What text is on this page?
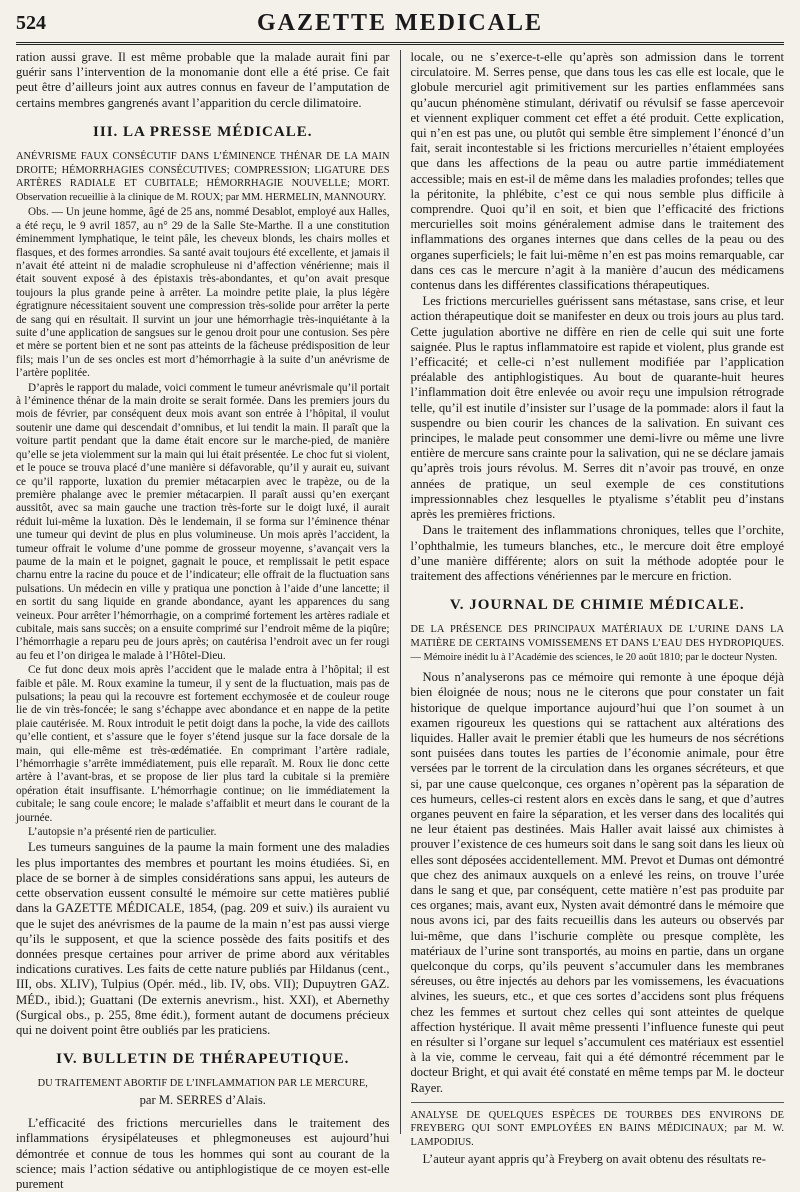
524	GAZETTE MEDICALE

ration aussi grave. Il est même probable que la malade aurait fini par guérir sans l’intervention de la monomanie dont elle a été prise. Ce fait peut être d’ailleurs joint aux autres connus en faveur de l’amputation de certains membres gangrenés avant l’apparition du cercle dilimatoire.

III. LA PRESSE MÉDICALE.

ANÉVRISME FAUX CONSÉCUTIF DANS L’ÉMINENCE THÉNAR DE LA MAIN DROITE; HÉMORRHAGIES CONSÉCUTIVES; COMPRESSION; LIGATURE DES ARTÈRES RADIALE ET CUBITALE; HÉMORRHAGIE NOUVELLE; MORT. Observation recueillie à la clinique de M. ROUX; par MM. HERMELIN, MANNOURY.

Obs. — Un jeune homme, âgé de 25 ans, nommé Desablot, employé aux Halles, a été reçu, le 9 avril 1857, au n° 29 de la Salle Ste-Marthe. Il a une constitution éminemment lymphatique, le teint pâle, les cheveux blonds, les chairs molles et flasques, et des formes arrondies. Sa santé avait toujours été excellente, et jamais il n’avait été atteint ni de maladie scrophuleuse ni d’affection vénérienne; mais il était souvent exposé à des épistaxis très-abondantes, et qu’on avait presque toujours la plus grande peine à arrêter. La moindre petite plaie, la plus légère égratignure nécessitaient souvent une compression très-solide pour arrêter la perte de sang qui en résultait. Il survint un jour une hémorrhagie très-inquiétante à la suite d’une application de sangsues sur le genou droit pour une contusion. Ses père et mère se portent bien et ne sont pas atteints de la fâcheuse prédisposition de leur fils; mais l’un de ses oncles est mort d’hémorrhagie à la suite d’un anévrisme de l’artère poplitée.

D’après le rapport du malade, voici comment le tumeur anévrismale qu’il portait à l’éminence thénar de la main droite se serait formée. Dans les premiers jours du mois de février, par conséquent deux mois avant son entrée à l’hôpital, il voulut soutenir une dame qui descendait d’omnibus, et lui tendit la main. Il paraît que la voiture partit pendant que la dame était encore sur le marche-pied, de manière qu’elle se jeta violemment sur la main qui lui était présentée. Le choc fut si violent, et le pouce se trouva placé d’une manière si défavorable, qu’il y aurait eu, suivant ce qu’il rapporte, luxation du premier métacarpien avec le trapèze, ou de la première phalange avec le premier métacarpien. Il paraît aussi qu’en exerçant aussitôt, avec sa main gauche une traction très-forte sur le doigt luxé, il aurait réduit lui-même la luxation. Dès le lendemain, il se forma sur l’éminence thénar une tumeur qui devint de plus en plus volumineuse. Un mois après l’accident, la tumeur offrait le volume d’une pomme de grosseur moyenne, s’avançait vers la paume de la main et le poignet, gagnait le pouce, et remplissait le petit espace charnu entre la racine du pouce et de l’indicateur; elle offrait de la fluctuation sans pulsations. Un médecin en ville y pratiqua une ponction à l’aide d’une lancette; il en sortit du sang liquide en grande abondance, ayant les apparences du sang veineux. Pour arrêter l’hémorrhagie, on a comprimé fortement les artères radiale et cubitale, mais sans succès; on a ensuite comprimé sur l’endroit même de la piqûre; l’hémorrhagie a reparu peu de jours après; on cautérisa l’endroit avec un fer rougi au feu et l’on dirigea le malade à l’Hôtel-Dieu.

Ce fut donc deux mois après l’accident que le malade entra à l’hôpital; il est faible et pâle. M. Roux examine la tumeur, il y sent de la fluctuation, mais pas de pulsations; la peau qui la recouvre est fortement ecchymosée et de couleur rouge lie de vin très-foncée; le sang s’échappe avec abondance et en nappe de la petite plaie cautérisée. M. Roux introduit le petit doigt dans la poche, la vide des caillots qu’elle contient, et s’assure que le foyer s’étend jusque sur la face dorsale de la main, qui elle-même est très-œdématiée. En comprimant l’artère radiale, l’hémorrhagie s’arrête immédiatement, puis elle reparaît. M. Roux lie donc cette artère à l’avant-bras, et se propose de lier plus tard la cubitale si la première opération était insuffisante. L’hémorrhagie continue; on lie immédiatement la cubitale; le sang coule encore; le malade s’affaiblit et meurt dans le courant de la journée.

L’autopsie n’a présenté rien de particulier.

Les tumeurs sanguines de la paume la main forment une des maladies les plus importantes des membres et pourtant les moins étudiées. Si, en place de se borner à de simples considérations sans appui, les auteurs de cette observation eussent consulté le mémoire sur cette matières publié dans la GAZETTE MÉDICALE, 1854, (pag. 209 et suiv.) ils auraient vu que le sujet des anévrismes de la paume de la main n’est pas aussi vierge qu’ils le supposent, et que la science possède des faits positifs et des données presque certaines pour arriver de prime abord aux véritables indications curatives. Les faits de cette nature publiés par Hildanus (cent., III, obs. XLIV), Tulpius (Opér. méd., lib. IV, obs. VII); Dupuytren GAZ. MÉD., ibid.); Guattani (De externis anevrism., hist. XXI), et Abernethy (Surgical obs., p. 255, 8me édit.), forment autant de documens précieux qui ne doivent point être oubliés par les praticiens.

IV. BULLETIN DE THÉRAPEUTIQUE.

DU TRAITEMENT ABORTIF DE L’INFLAMMATION PAR LE MERCURE,

par M. SERRES d’Alais.

L’efficacité des frictions mercurielles dans le traitement des inflammations érysipélateuses et phlegmoneuses est aujourd’hui démontrée et connue de tous les hommes qui sont au courant de la science; mais l’action sédative ou antiphlogistique de ce moyen est-elle purement

locale, ou ne s’exerce-t-elle qu’après son admission dans le torrent circulatoire. M. Serres pense, que dans tous les cas elle est locale, que le globule mercuriel agit primitivement sur les parties enflammées sans qu’aucun phénomène stimulant, dérivatif ou révulsif se fasse apercevoir et viennent expliquer comment cet effet a été produit. Cette explication, qui n’en est pas une, ou plutôt qui semble être simplement l’énoncé d’un fait, serait incontestable si les frictions mercurielles n’étaient employées que dans les affections de la peau ou autre partie immédiatement accessible; mais en est-il de même dans les maladies profondes; telles que la péritonite, la phlébite, c’est ce qui nous semble plus difficile à comprendre. Quoi qu’il en soit, et bien que l’efficacité des frictions mercurielles soit moins généralement admise dans le traitement des inflammations des organes internes que dans celles de la peau ou des organes superficiels; le fait lui-même n’en est pas moins remarquable, car dans ces cas le mercure n’agit à la manière d’aucun des médicamens contenus dans les différentes classifications thérapeutiques.

Les frictions mercurielles guérissent sans métastase, sans crise, et leur action thérapeutique doit se manifester en deux ou trois jours au plus tard. Cette jugulation abortive ne diffère en rien de celle qui suit une forte saignée. Plus le raptus inflammatoire est rapide et violent, plus grande est l’efficacité; et celle-ci n’est nullement modifiée par l’application préalable des antiphlogistiques. Au bout de quarante-huit heures l’inflammation doit être enlevée ou avoir reçu une impulsion rétrograde telle, qu’il est inutile d’insister sur l’usage de la pommade: alors il faut la suspendre ou bien courir les chances de la salivation. En suivant ces principes, le malade peut consommer une demi-livre ou même une livre entière de mercure sans crainte pour la salivation, qui ne se déclare jamais qu’après trois jours révolus. M. Serres dit n’avoir pas trouvé, en onze années de pratique, un seul exemple de ces constitutions impressionnables chez lesquelles le ptyalisme s’établit peu d’instans après les premières frictions.

Dans le traitement des inflammations chroniques, telles que l’orchite, l’ophthalmie, les tumeurs blanches, etc., le mercure doit être employé d’une manière différente; alors on suit la méthode adoptée pour le traitement des affections vénériennes par le mercure en friction.

V. JOURNAL DE CHIMIE MÉDICALE.

DE LA PRÉSENCE DES PRINCIPAUX MATÉRIAUX DE L’URINE DANS LA MATIÈRE DE CERTAINS VOMISSEMENS ET DANS L’EAU DES HYDROPIQUES. — Mémoire inédit lu à l’Académie des sciences, le 20 août 1810; par le docteur Nysten.

Nous n’analyserons pas ce mémoire qui remonte à une époque déjà bien éloignée de nous; nous ne le citerons que pour constater un fait historique de quelque importance aujourd’hui que l’on soumet à un examen rigoureux les questions qui se rattachent aux altérations des liquides. Haller avait le premier établi que les humeurs de nos sécrétions sont puisées dans toutes les parties de l’économie animale, pour être versées par le torrent de la circulation dans les organes sécréteurs, et que si, par une cause quelconque, ces organes n’opèrent pas la séparation de ces humeurs, celles-ci restent alors en excès dans le sang, et que d’autres organes peuvent en faire la séparation, et les verser dans des localités qui ne leur étaient pas destinées. Mais Haller avait laissé aux chimistes à prouver l’existence de ces humeurs soit dans le sang soit dans les lieux où elles sont déposées accidentellement. MM. Prevot et Dumas ont démontré que chez des animaux auxquels on a enlevé les reins, on trouve l’urée dans le sang et que, par conséquent, cette matière n’est pas produite par ces organes; mais, avant eux, Nysten avait démontré dans le mémoire que nous avons ici, par des faits recueillis dans les auteurs ou observés par lui-même, que dans l’ischurie complète ou presque complète, les matériaux de l’urine sont transportés, au moins en partie, dans un organe quelconque du corps, qu’ils peuvent s’accumuler dans les membranes séreuses, ou être injectés au dehors par les vomissemens, les évacuations alvines, les sueurs, etc., et que ces sortes d’accidens sont plus fréquens chez les femmes et surtout chez celles qui sont atteintes de quelque affection hystérique. Il avait même pressenti l’influence funeste qui peut en résulter si l’organe sur lequel s’accumulent ces matériaux est essentiel à la vie, comme le cerveau, fait qui a été démontré récemment par le docteur Bright, et qui avait été constaté en même temps par M. le docteur Rayer.

ANALYSE DE QUELQUES ESPÈCES DE TOURBES DES ENVIRONS DE FREYBERG QUI SONT EMPLOYÉES EN BAINS MÉDICINAUX; par M. W. LAMPODIUS.

L’auteur ayant appris qu’à Freyberg on avait obtenu des résultats re-
